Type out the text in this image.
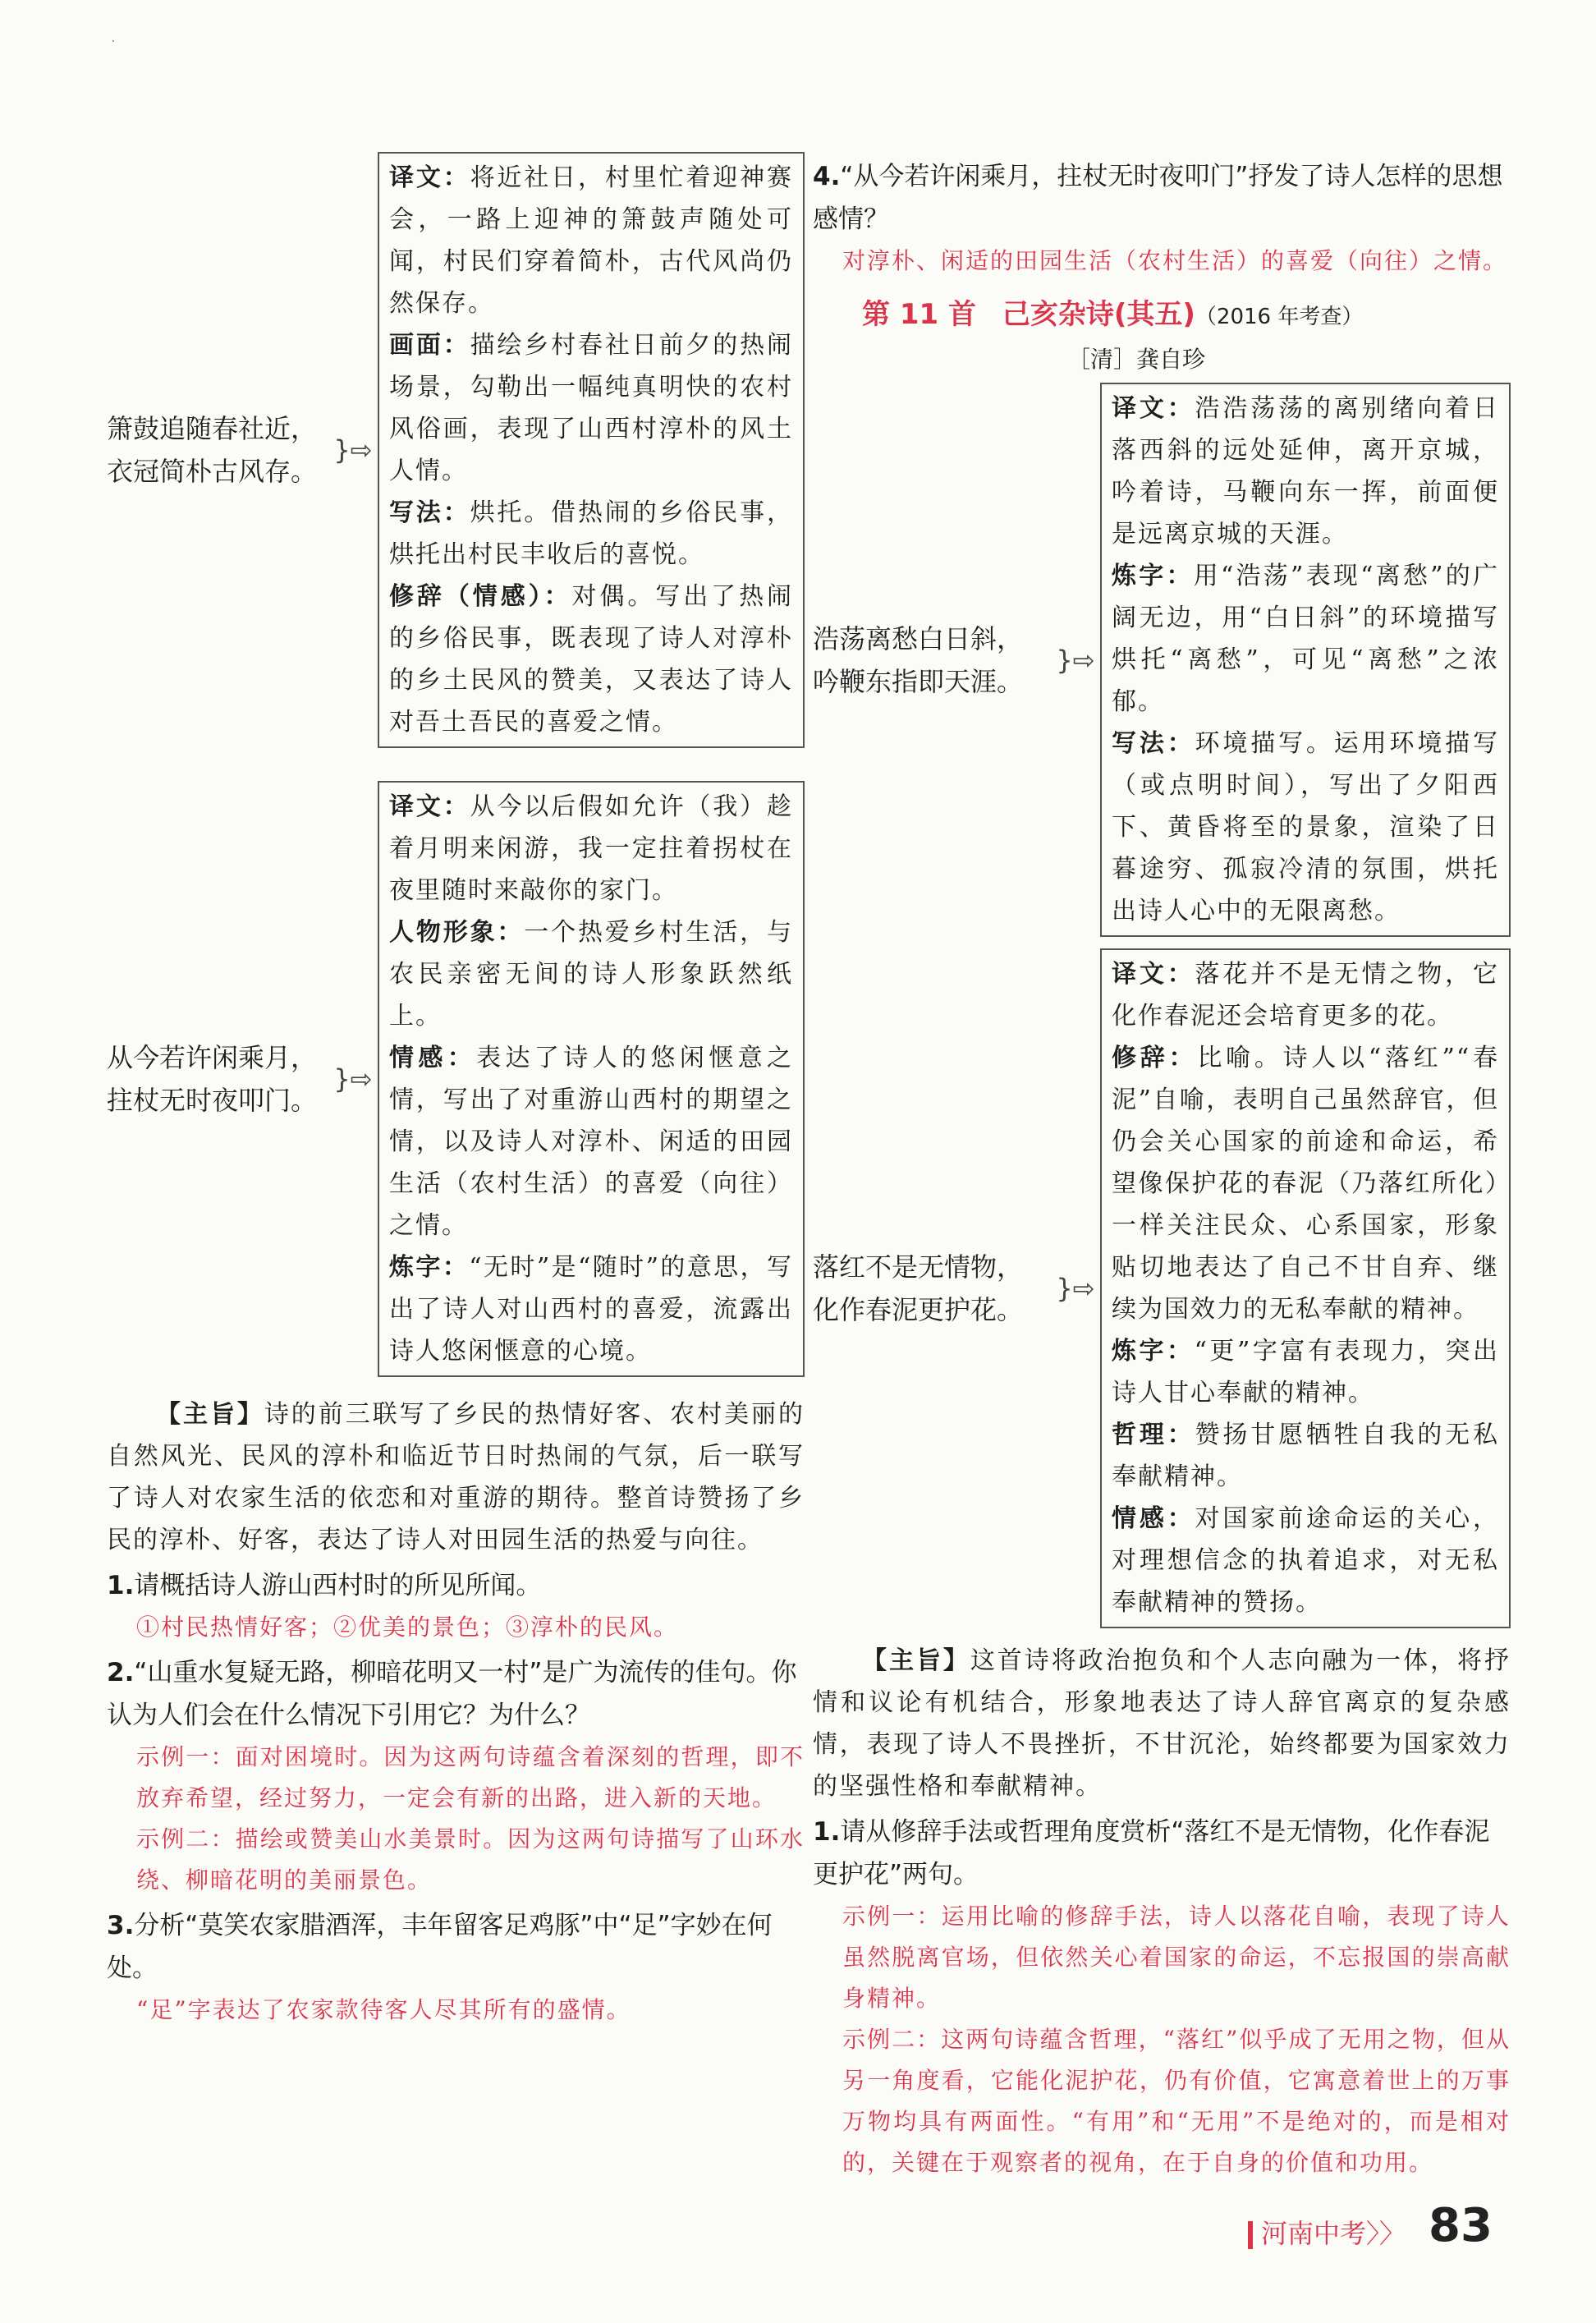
·
箫鼓追随春社近，
衣冠简朴古风存。
}⇨
译文：将近社日，村里忙着迎神赛会，一路上迎神的箫鼓声随处可闻，村民们穿着简朴，古代风尚仍然保存。
画面：描绘乡村春社日前夕的热闹场景，勾勒出一幅纯真明快的农村风俗画，表现了山西村淳朴的风土人情。
写法：烘托。借热闹的乡俗民事，烘托出村民丰收后的喜悦。
修辞（情感）：对偶。写出了热闹的乡俗民事，既表现了诗人对淳朴的乡土民风的赞美，又表达了诗人对吾土吾民的喜爱之情。
从今若许闲乘月，
拄杖无时夜叩门。
}⇨
译文：从今以后假如允许（我）趁着月明来闲游，我一定拄着拐杖在夜里随时来敲你的家门。
人物形象：一个热爱乡村生活，与农民亲密无间的诗人形象跃然纸上。
情感：表达了诗人的悠闲惬意之情，写出了对重游山西村的期望之情，以及诗人对淳朴、闲适的田园生活（农村生活）的喜爱（向往）之情。
炼字：“无时”是“随时”的意思，写出了诗人对山西村的喜爱，流露出诗人悠闲惬意的心境。

【主旨】诗的前三联写了乡民的热情好客、农村美丽的自然风光、民风的淳朴和临近节日时热闹的气氛，后一联写了诗人对农家生活的依恋和对重游的期待。整首诗赞扬了乡民的淳朴、好客，表达了诗人对田园生活的热爱与向往。

1.请概括诗人游山西村时的所见所闻。

①村民热情好客；②优美的景色；③淳朴的民风。

2.“山重水复疑无路，柳暗花明又一村”是广为流传的佳句。你认为人们会在什么情况下引用它？为什么？

示例一：面对困境时。因为这两句诗蕴含着深刻的哲理，即不放弃希望，经过努力，一定会有新的出路，进入新的天地。

示例二：描绘或赞美山水美景时。因为这两句诗描写了山环水绕、柳暗花明的美丽景色。

3.分析“莫笑农家腊酒浑，丰年留客足鸡豚”中“足”字妙在何处。

“足”字表达了农家款待客人尽其所有的盛情。

4.“从今若许闲乘月，拄杖无时夜叩门”抒发了诗人怎样的思想感情？

对淳朴、闲适的田园生活（农村生活）的喜爱（向往）之情。

第 11 首 己亥杂诗(其五)（2016 年考查）
［清］龚自珍
浩荡离愁白日斜，
吟鞭东指即天涯。
}⇨
译文：浩浩荡荡的离别绪向着日落西斜的远处延伸，离开京城，吟着诗，马鞭向东一挥，前面便是远离京城的天涯。
炼字：用“浩荡”表现“离愁”的广阔无边，用“白日斜”的环境描写烘托“离愁”，可见“离愁”之浓郁。
写法：环境描写。运用环境描写（或点明时间），写出了夕阳西下、黄昏将至的景象，渲染了日暮途穷、孤寂冷清的氛围，烘托出诗人心中的无限离愁。
落红不是无情物，
化作春泥更护花。
}⇨
译文：落花并不是无情之物，它化作春泥还会培育更多的花。
修辞：比喻。诗人以“落红”“春泥”自喻，表明自己虽然辞官，但仍会关心国家的前途和命运，希望像保护花的春泥（乃落红所化）一样关注民众、心系国家，形象贴切地表达了自己不甘自弃、继续为国效力的无私奉献的精神。
炼字：“更”字富有表现力，突出诗人甘心奉献的精神。
哲理：赞扬甘愿牺牲自我的无私奉献精神。
情感：对国家前途命运的关心，对理想信念的执着追求，对无私奉献精神的赞扬。

【主旨】这首诗将政治抱负和个人志向融为一体，将抒情和议论有机结合，形象地表达了诗人辞官离京的复杂感情，表现了诗人不畏挫折，不甘沉沦，始终都要为国家效力的坚强性格和奉献精神。

1.请从修辞手法或哲理角度赏析“落红不是无情物，化作春泥更护花”两句。

示例一：运用比喻的修辞手法，诗人以落花自喻，表现了诗人虽然脱离官场，但依然关心着国家的命运，不忘报国的崇高献身精神。

示例二：这两句诗蕴含哲理，“落红”似乎成了无用之物，但从另一角度看，它能化泥护花，仍有价值，它寓意着世上的万事万物均具有两面性。“有用”和“无用”不是绝对的，而是相对的，关键在于观察者的视角，在于自身的价值和功用。

河南中考〉〉 83
